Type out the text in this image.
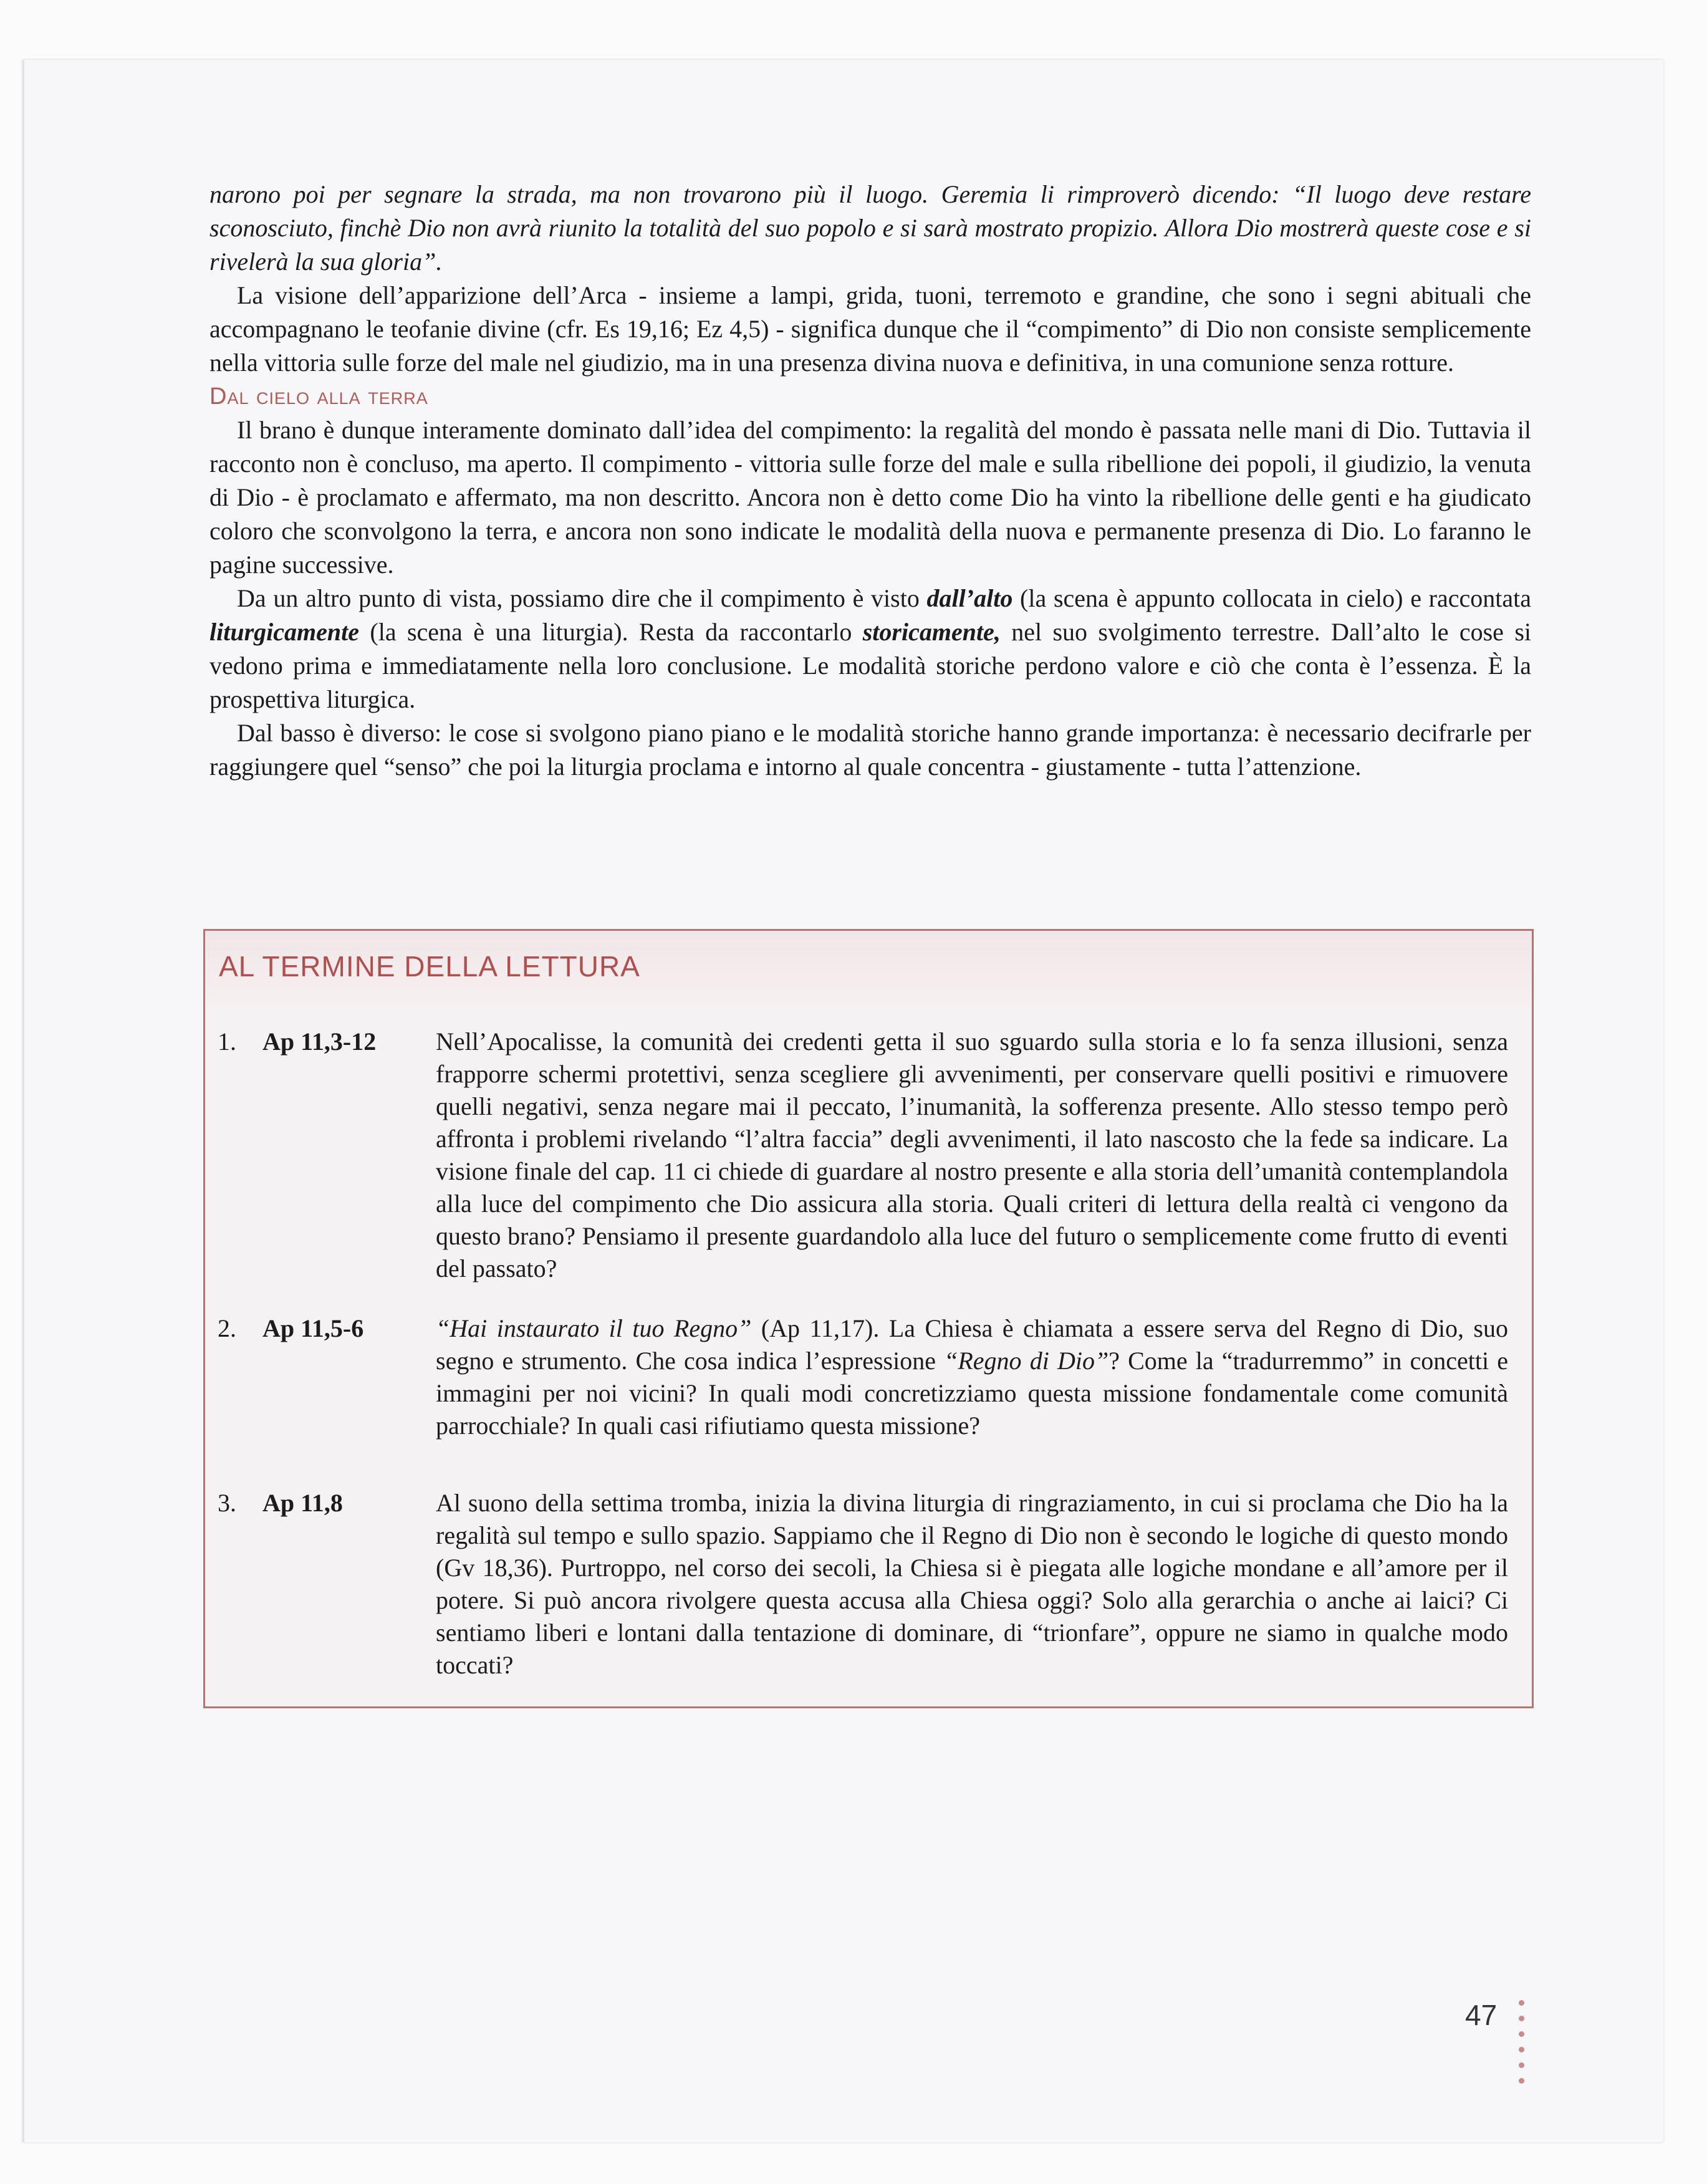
narono poi per segnare la strada, ma non trovarono più il luogo. Geremia li rimproverò dicendo: “Il luogo deve restare sconosciuto, finchè Dio non avrà riunito la totalità del suo popolo e si sarà mostrato propizio. Allora Dio mostrerà queste cose e si rivelerà la sua gloria”.

La visione dell’apparizione dell’Arca - insieme a lampi, grida, tuoni, terremoto e grandine, che sono i segni abituali che accompagnano le teofanie divine (cfr. Es 19,16; Ez 4,5) - significa dunque che il “compimento” di Dio non consiste semplicemente nella vittoria sulle forze del male nel giudizio, ma in una presenza divina nuova e definitiva, in una comunione senza rotture.

Dal cielo alla terra

Il brano è dunque interamente dominato dall’idea del compimento: la regalità del mondo è passata nelle mani di Dio. Tuttavia il racconto non è concluso, ma aperto. Il compimento - vittoria sulle forze del male e sulla ribellione dei popoli, il giudizio, la venuta di Dio - è proclamato e affermato, ma non descritto. Ancora non è detto come Dio ha vinto la ribellione delle genti e ha giudicato coloro che sconvolgono la terra, e ancora non sono indicate le modalità della nuova e permanente presenza di Dio. Lo faranno le pagine successive.

Da un altro punto di vista, possiamo dire che il compimento è visto dall’alto (la scena è appunto collocata in cielo) e raccontata liturgicamente (la scena è una liturgia). Resta da raccontarlo storicamente, nel suo svolgimento terrestre. Dall’alto le cose si vedono prima e immediatamente nella loro conclusione. Le modalità storiche perdono valore e ciò che conta è l’essenza. È la prospettiva liturgica.

Dal basso è diverso: le cose si svolgono piano piano e le modalità storiche hanno grande importanza: è necessario decifrarle per raggiungere quel “senso” che poi la liturgia proclama e intorno al quale concentra - giustamente - tutta l’attenzione.

AL TERMINE DELLA LETTURA
1. Ap 11,3-12 Nell’Apocalisse, la comunità dei credenti getta il suo sguardo sulla storia e lo fa senza illusioni, senza frapporre schermi protettivi, senza scegliere gli avvenimenti, per conservare quelli positivi e rimuovere quelli negativi, senza negare mai il peccato, l’inumanità, la sofferenza presente. Allo stesso tempo però affronta i problemi rivelando “l’altra faccia” degli avvenimenti, il lato nascosto che la fede sa indicare. La visione finale del cap. 11 ci chiede di guardare al nostro presente e alla storia dell’umanità contemplandola alla luce del compimento che Dio assicura alla storia. Quali criteri di lettura della realtà ci vengono da questo brano? Pensiamo il presente guardandolo alla luce del futuro o semplicemente come frutto di eventi del passato?
2. Ap 11,5-6	“Hai instaurato il tuo Regno” (Ap 11,17). La Chiesa è chiamata a essere serva del Regno di Dio, suo segno e strumento. Che cosa indica l’espressione “Regno di Dio”? Come la “tradurremmo” in concetti e immagini per noi vicini? In quali modi concretizziamo questa missione fondamentale come comunità parrocchiale? In quali casi rifiutiamo questa missione?
3. Ap 11,8	Al suono della settima tromba, inizia la divina liturgia di ringraziamento, in cui si proclama che Dio ha la regalità sul tempo e sullo spazio. Sappiamo che il Regno di Dio non è secondo le logiche di questo mondo (Gv 18,36). Purtroppo, nel corso dei secoli, la Chiesa si è piegata alle logiche mondane e all’amore per il potere. Si può ancora rivolgere questa accusa alla Chiesa oggi? Solo alla gerarchia o anche ai laici? Ci sentiamo liberi e lontani dalla tentazione di dominare, di “trionfare”, oppure ne siamo in qualche modo toccati?
47
